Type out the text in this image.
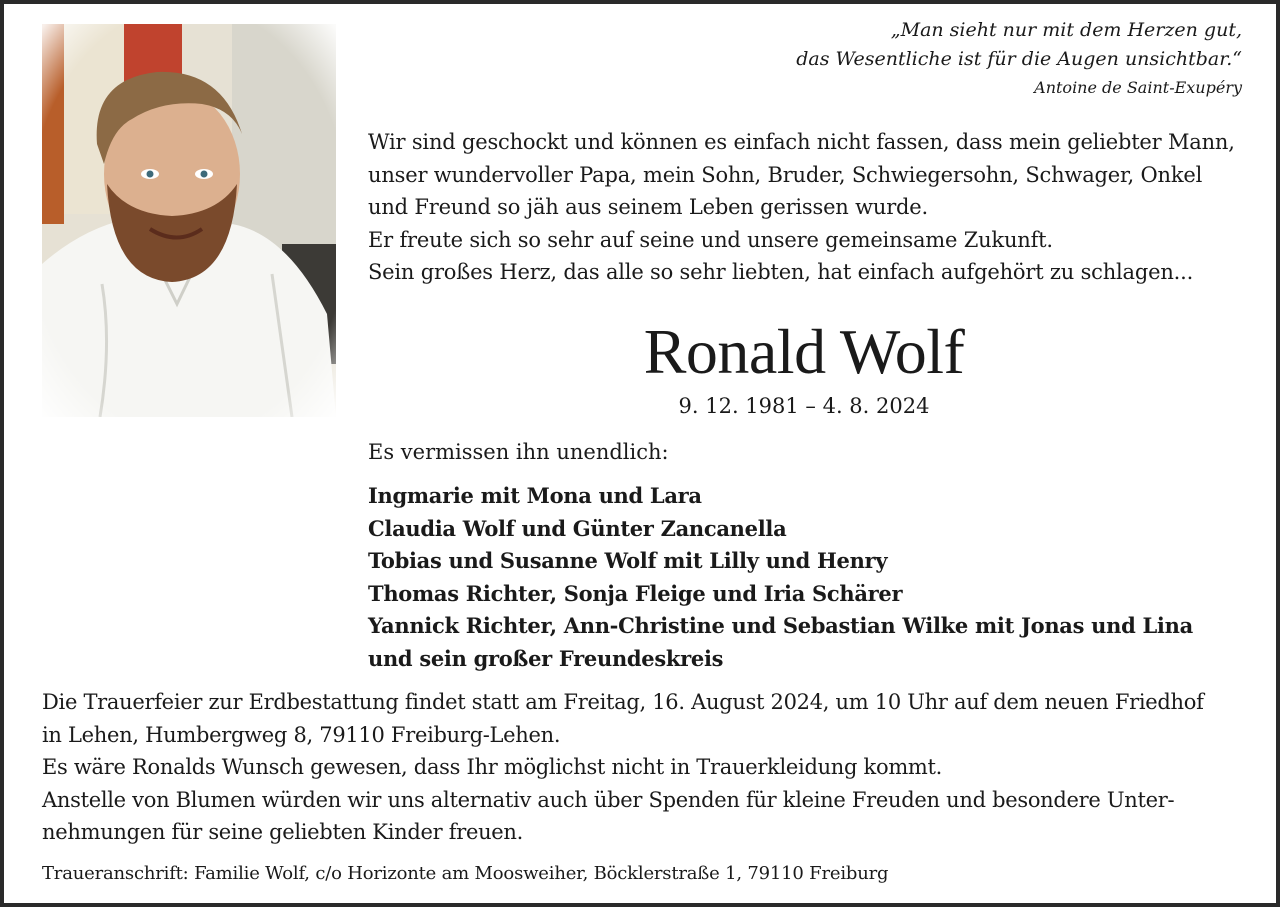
„Man sieht nur mit dem Herzen gut,
das Wesentliche ist für die Augen unsichtbar.“
Antoine de Saint-Exupéry
Wir sind geschockt und können es einfach nicht fassen, dass mein geliebter Mann,
unser wundervoller Papa, mein Sohn, Bruder, Schwiegersohn, Schwager, Onkel
und Freund so jäh aus seinem Leben gerissen wurde.
Er freute sich so sehr auf seine und unsere gemeinsame Zukunft.
Sein großes Herz, das alle so sehr liebten, hat einfach aufgehört zu schlagen...
Ronald Wolf
9. 12. 1981 – 4. 8. 2024
Es vermissen ihn unendlich:
Ingmarie mit Mona und Lara
Claudia Wolf und Günter Zancanella
Tobias und Susanne Wolf mit Lilly und Henry
Thomas Richter, Sonja Fleige und Iria Schärer
Yannick Richter, Ann-Christine und Sebastian Wilke mit Jonas und Lina
und sein großer Freundeskreis
Die Trauerfeier zur Erdbestattung findet statt am Freitag, 16. August 2024, um 10 Uhr auf dem neuen Friedhof
in Lehen, Humbergweg 8, 79110 Freiburg-Lehen.
Es wäre Ronalds Wunsch gewesen, dass Ihr möglichst nicht in Trauerkleidung kommt.
Anstelle von Blumen würden wir uns alternativ auch über Spenden für kleine Freuden und besondere Unter-
nehmungen für seine geliebten Kinder freuen.
Traueranschrift: Familie Wolf, c/o Horizonte am Moosweiher, Böcklerstraße 1, 79110 Freiburg
